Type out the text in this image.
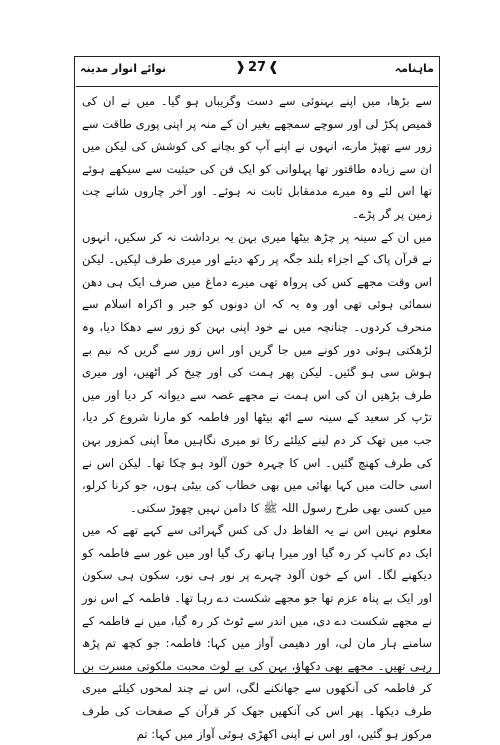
ماہنامہ
❱ 27 ❰
نوائے انوار مدینہ

سے بڑھا، میں اپنے بہنوئی سے دست وگریباں ہو گیا۔ میں نے ان کی قمیص پکڑ لی اور سوچے سمجھے بغیر ان کے منہ پر اپنی پوری طاقت سے زور سے تھپڑ مارے، انہوں نے اپنے آپ کو بچانے کی کوشش کی لیکن میں ان سے زیادہ طاقتور تھا پہلوانی کو ایک فن کی حیثیت سے سیکھے ہوئے تھا اس لئے وہ میرے مدمقابل ثابت نہ ہوئے۔ اور آخر چاروں شانے چت زمین پر گر پڑے۔

میں ان کے سینہ پر چڑھ بیٹھا میری بہن یہ برداشت نہ کر سکیں، انہوں نے قرآن پاک کے اجزاء بلند جگہ پر رکھ دیئے اور میری طرف لپکیں۔ لیکن اس وقت مجھے کس کی پرواہ تھی میرے دماغ میں صرف ایک ہی دھن سمائی ہوئی تھی اور وہ یہ کہ ان دونوں کو جبر و اکراہ اسلام سے منحرف کردوں۔ چنانچہ میں نے خود اپنی بہن کو زور سے دھکا دیا، وہ لڑھکتی ہوئی دور کونے میں جا گریں اور اس زور سے گریں کہ نیم بے ہوش سی ہو گئیں۔ لیکن پھر ہمت کی اور چیخ کر اٹھیں، اور میری طرف بڑھیں ان کی اس ہمت نے مجھے غصہ سے دیوانہ کر دیا اور میں تڑپ کر سعید کے سینہ سے اٹھ بیٹھا اور فاطمہ کو مارنا شروع کر دیا، جب میں تھک کر دم لینے کیلئے رکا تو میری نگاہیں معاً اپنی کمزور بہن کی طرف کھنچ گئیں۔ اس کا چہرہ خون آلود ہو چکا تھا۔ لیکن اس نے اسی حالت میں کہا بھائی میں بھی خطاب کی بیٹی ہوں، جو کرنا کرلو، میں کسی بھی طرح رسول اللہ ﷺ کا دامن نہیں چھوڑ سکتی۔

معلوم نہیں اس نے یہ الفاظ دل کی کس گہرائی سے کہے تھے کہ میں ایک دم کانپ کر رہ گیا اور میرا ہاتھ رک گیا اور میں غور سے فاطمہ کو دیکھنے لگا۔ اس کے خون آلود چہرے پر نور ہی نور، سکون ہی سکون اور ایک بے پناہ عزم تھا جو مجھے شکست دے رہا تھا۔ فاطمہ کے اس نور نے مجھے شکست دے دی، میں اندر سے ٹوٹ کر رہ گیا، میں نے فاطمہ کے سامنے ہار مان لی، اور دھیمی آواز میں کہا: فاطمہ: جو کچھ تم پڑھ رہی تھیں۔ مجھے بھی دکھاؤ، بہن کی بے لوث محبت ملکوتی مسرت بن کر فاطمہ کی آنکھوں سے جھانکنے لگی، اس نے چند لمحوں کیلئے میری طرف دیکھا۔ پھر اس کی آنکھیں جھک کر قرآن کے صفحات کی طرف مرکوز ہو گئیں، اور اس نے اپنی اکھڑی ہوئی آواز میں کہا: تم
